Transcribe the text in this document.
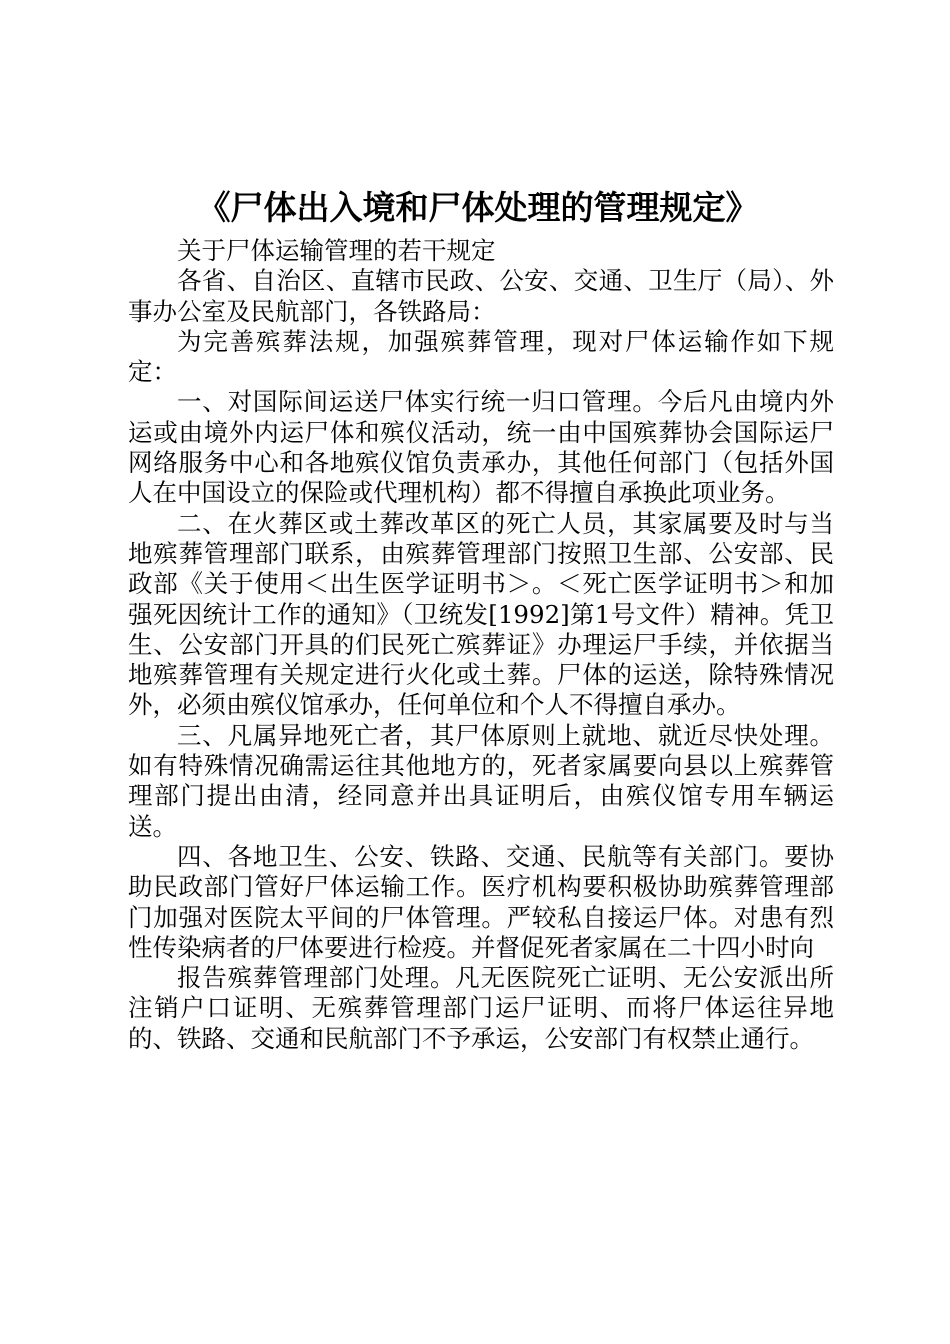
《尸体出入境和尸体处理的管理规定》

关于尸体运输管理的若干规定

各省、自治区、直辖市民政、公安、交通、卫生厅（局）、外事办公室及民航部门，各铁路局：

为完善殡葬法规，加强殡葬管理，现对尸体运输作如下规定：

一、对国际间运送尸体实行统一归口管理。今后凡由境内外运或由境外内运尸体和殡仪活动，统一由中国殡葬协会国际运尸网络服务中心和各地殡仪馆负责承办，其他任何部门（包括外国人在中国设立的保险或代理机构）都不得擅自承换此项业务。

二、在火葬区或土葬改革区的死亡人员，其家属要及时与当地殡葬管理部门联系，由殡葬管理部门按照卫生部、公安部、民政部《关于使用＜出生医学证明书＞。＜死亡医学证明书＞和加强死因统计工作的通知》（卫统发[1992]第1号文件）精神。凭卫生、公安部门开具的们民死亡殡葬证》办理运尸手续，并依据当地殡葬管理有关规定进行火化或土葬。尸体的运送，除特殊情况外，必须由殡仪馆承办，任何单位和个人不得擅自承办。

三、凡属异地死亡者，其尸体原则上就地、就近尽快处理。如有特殊情况确需运往其他地方的，死者家属要向县以上殡葬管理部门提出由清，经同意并出具证明后，由殡仪馆专用车辆运送。

四、各地卫生、公安、铁路、交通、民航等有关部门。要协助民政部门管好尸体运输工作。医疗机构要积极协助殡葬管理部门加强对医院太平间的尸体管理。严较私自接运尸体。对患有烈性传染病者的尸体要进行检疫。并督促死者家属在二十四小时向

报告殡葬管理部门处理。凡无医院死亡证明、无公安派出所注销户口证明、无殡葬管理部门运尸证明、而将尸体运往异地的、铁路、交通和民航部门不予承运，公安部门有权禁止通行。
